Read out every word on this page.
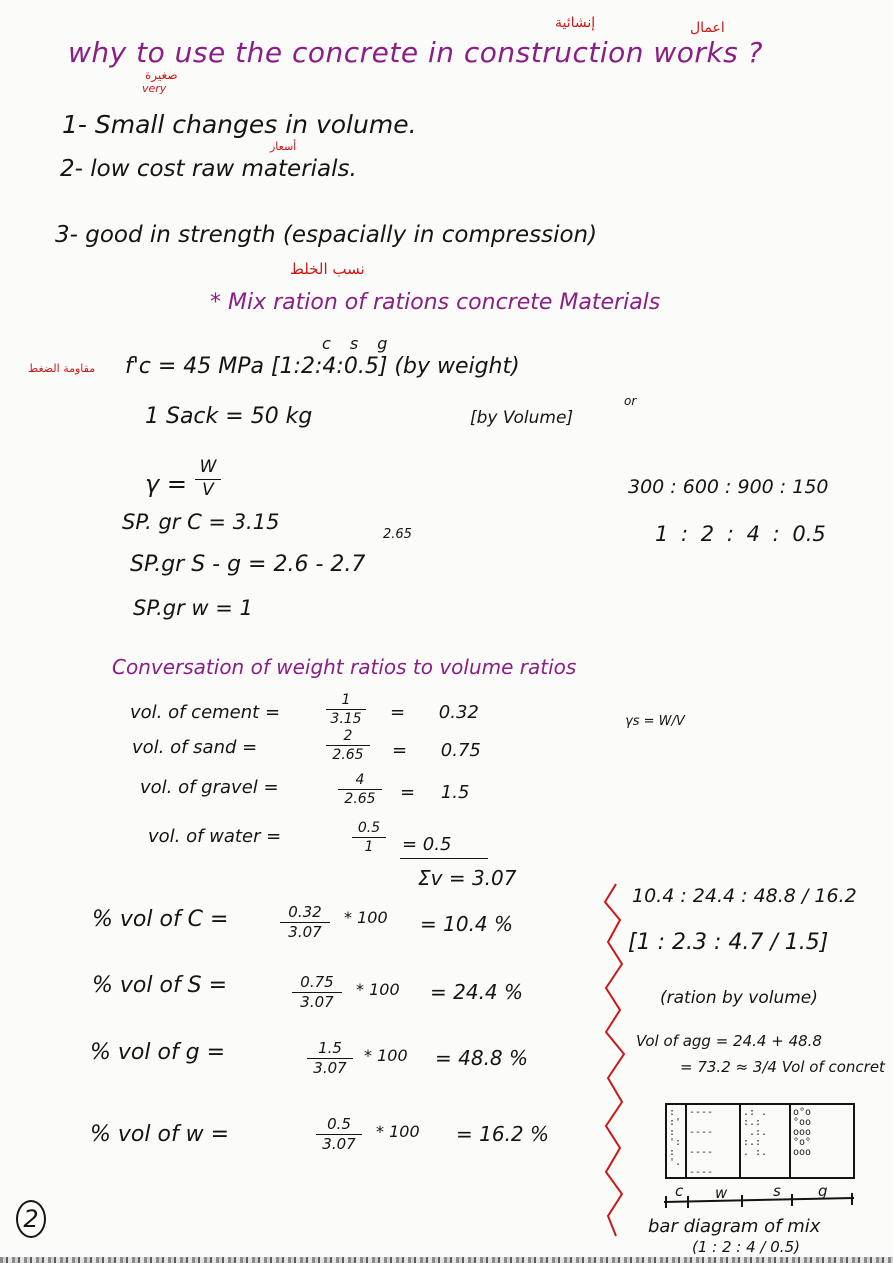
why to use the concrete in construction works ?
اعمال
إنشائية
صغيرة
very
1- Small changes in volume.
أسعار
2- low cost raw materials.
3- good in strength (espacially in compression)
نسب الخلط
* Mix ration of rations concrete Materials
c s g
مقاومة الضغط	f'c = 45 MPa [1:2:4:0.5] (by weight)
1 Sack = 50 kg	[by Volume]
or
γ =
W
V	300 : 600 : 900 : 150
1 : 2 : 4 : 0.5
SP. gr C = 3.15
2.65
SP.gr S - g = 2.6 - 2.7
SP.gr w = 1
Conversation of weight ratios to volume ratios
vol. of cement =
1
3.15 = 0.32
vol. of sand =
2
2.65	= 0.75
vol. of gravel =	4
2.65	= 1.5
vol. of water =	0.5
1	= 0.5
Σv = 3.07
γs = W/V
% vol of C =	0.32
3.07
* 100 = 10.4 %
% vol of S =	0.75
3.07
* 100 = 24.4 %
% vol of g =	1.5
3.07
* 100 = 48.8 %
% vol of w =	0.5
3.07
* 100 = 16.2 %
10.4 : 24.4 : 48.8 / 16.2
[1 : 2.3 : 4.7 / 1.5]
(ration by volume)
Vol of agg = 24.4 + 48.8
= 73.2 ≈ 3/4 Vol of concret
:
:'
:
':
:
'.
----

----

----

----
.: .
:.:
.:.
:.:
. :.
o°o
°oo
ooo
°o°
ooo
c w	s g
bar diagram of mix
(1 : 2 : 4 / 0.5)
2
